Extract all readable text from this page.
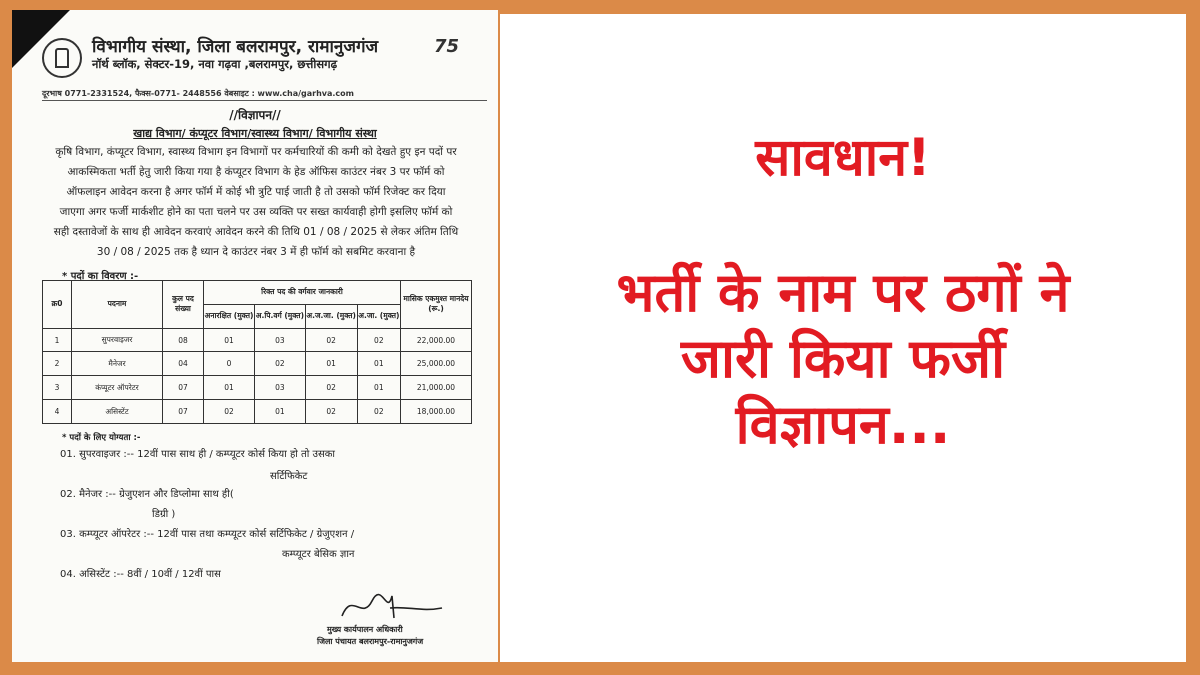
विभागीय संस्था, जिला बलरामपुर, रामानुजगंज
नॉर्थ ब्लॉक, सेक्टर-19, नवा गढ़वा ,बलरामपुर, छत्तीसगढ़
75
दूरभाष 0771-2331524, फैक्स-0771- 2448556 वेबसाइट : www.cha/garhva.com
//विज्ञापन//
खाद्य विभाग/ कंप्यूटर विभाग/स्वास्थ्य विभाग/ विभागीय संस्था
कृषि विभाग, कंप्यूटर विभाग, स्वास्थ्य विभाग इन विभागों पर कर्मचारियों की कमी को देखते हुए इन पदों पर
आकस्मिकता भर्ती हेतु जारी किया गया है कंप्यूटर विभाग के हेड ऑफिस काउंटर नंबर 3 पर फॉर्म को
ऑफलाइन आवेदन करना है अगर फॉर्म में कोई भी त्रुटि पाई जाती है तो उसको फॉर्म रिजेक्ट कर दिया
जाएगा अगर फर्जी मार्कशीट होने का पता चलने पर उस व्यक्ति पर सख्त कार्यवाही होगी इसलिए फॉर्म को
सही दस्तावेजों के साथ ही आवेदन करवाएं आवेदन करने की तिथि 01 / 08 / 2025 से लेकर अंतिम तिथि
30 / 08 / 2025 तक है ध्यान दे काउंटर नंबर 3 में ही फॉर्म को सबमिट करवाना है
* पदों का विवरण :-
क्र0	पदनाम	कुल पद संख्या	रिक्त पद की वर्गवार जानकारी				मासिक एकमुश्त मानदेय (रू.)
			अनारक्षित (मुक्त)	अ.पि.वर्ग (मुक्त)	अ.ज.जा. (मुक्त)	अ.जा. (मुक्त)	
1	सुपरवाइजर	08	01	03	02	02	22,000.00
2	मैनेजर	04	0	02	01	01	25,000.00
3	कंप्यूटर ऑपरेटर	07	01	03	02	01	21,000.00
4	असिस्टेंट	07	02	01	02	02	18,000.00
* पदों के लिए योग्यता :-
01. सुपरवाइजर :-- 12वीं पास साथ ही / कम्प्यूटर कोर्स किया हो तो उसका
सर्टिफिकेट
02. मैनेजर :-- ग्रेजुएशन और डिप्लोमा साथ ही(
डिग्री )
03. कम्प्यूटर ऑपरेटर :-- 12वीं पास तथा कम्प्यूटर कोर्स सर्टिफिकेट / ग्रेजुएशन /
कम्प्यूटर बेसिक ज्ञान
04. असिस्टेंट :-- 8वीं / 10वीं / 12वीं पास
मुख्य कार्यपालन अधिकारी
जिला पंचायत बलरामपुर-रामानुजगंज
सावधान!
भर्ती के नाम पर ठगों ने
जारी किया फर्जी
विज्ञापन...
